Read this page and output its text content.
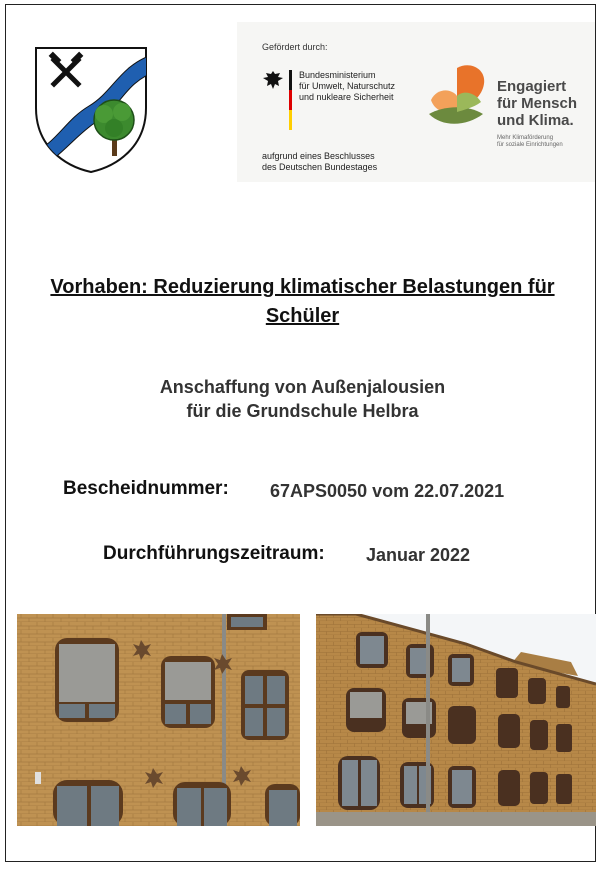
Gefördert durch:
Bundesministerium
für Umwelt, Naturschutz
und nukleare Sicherheit
aufgrund eines Beschlusses
des Deutschen Bundestages
Engagiert
für Mensch
und Klima.
Mehr Klimaförderung
für soziale Einrichtungen
Vorhaben: Reduzierung klimatischer Belastungen für
Schüler
Anschaffung von Außenjalousien
für die Grundschule Helbra
Bescheidnummer: 67APS0050 vom 22.07.2021
Durchführungszeitraum: Januar 2022
